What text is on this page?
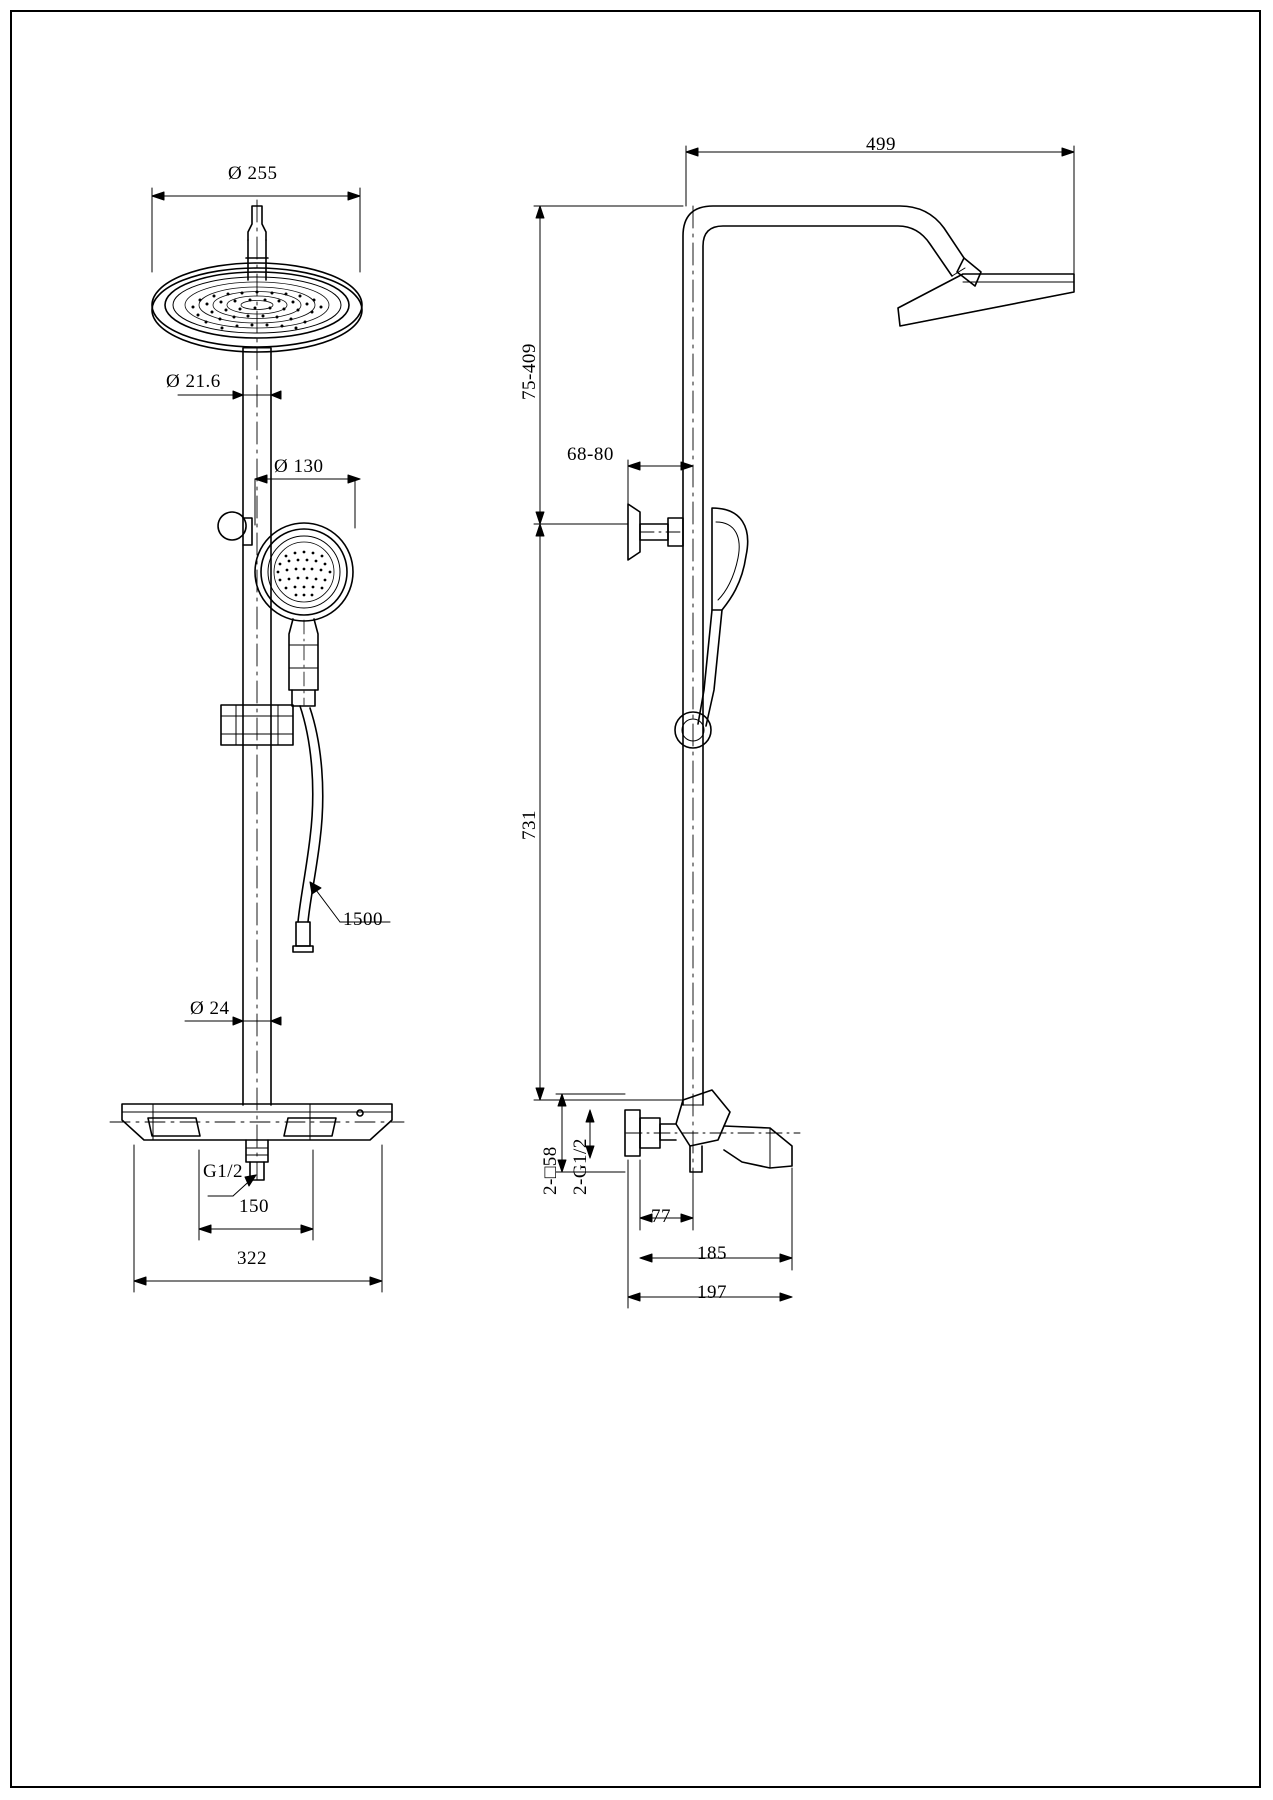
Ø 255
Ø 21.6
Ø 130
1500
Ø 24
G1/2
150
322
499
75-409
68-80
731
2-□58 2-G1/2
77
185
197
